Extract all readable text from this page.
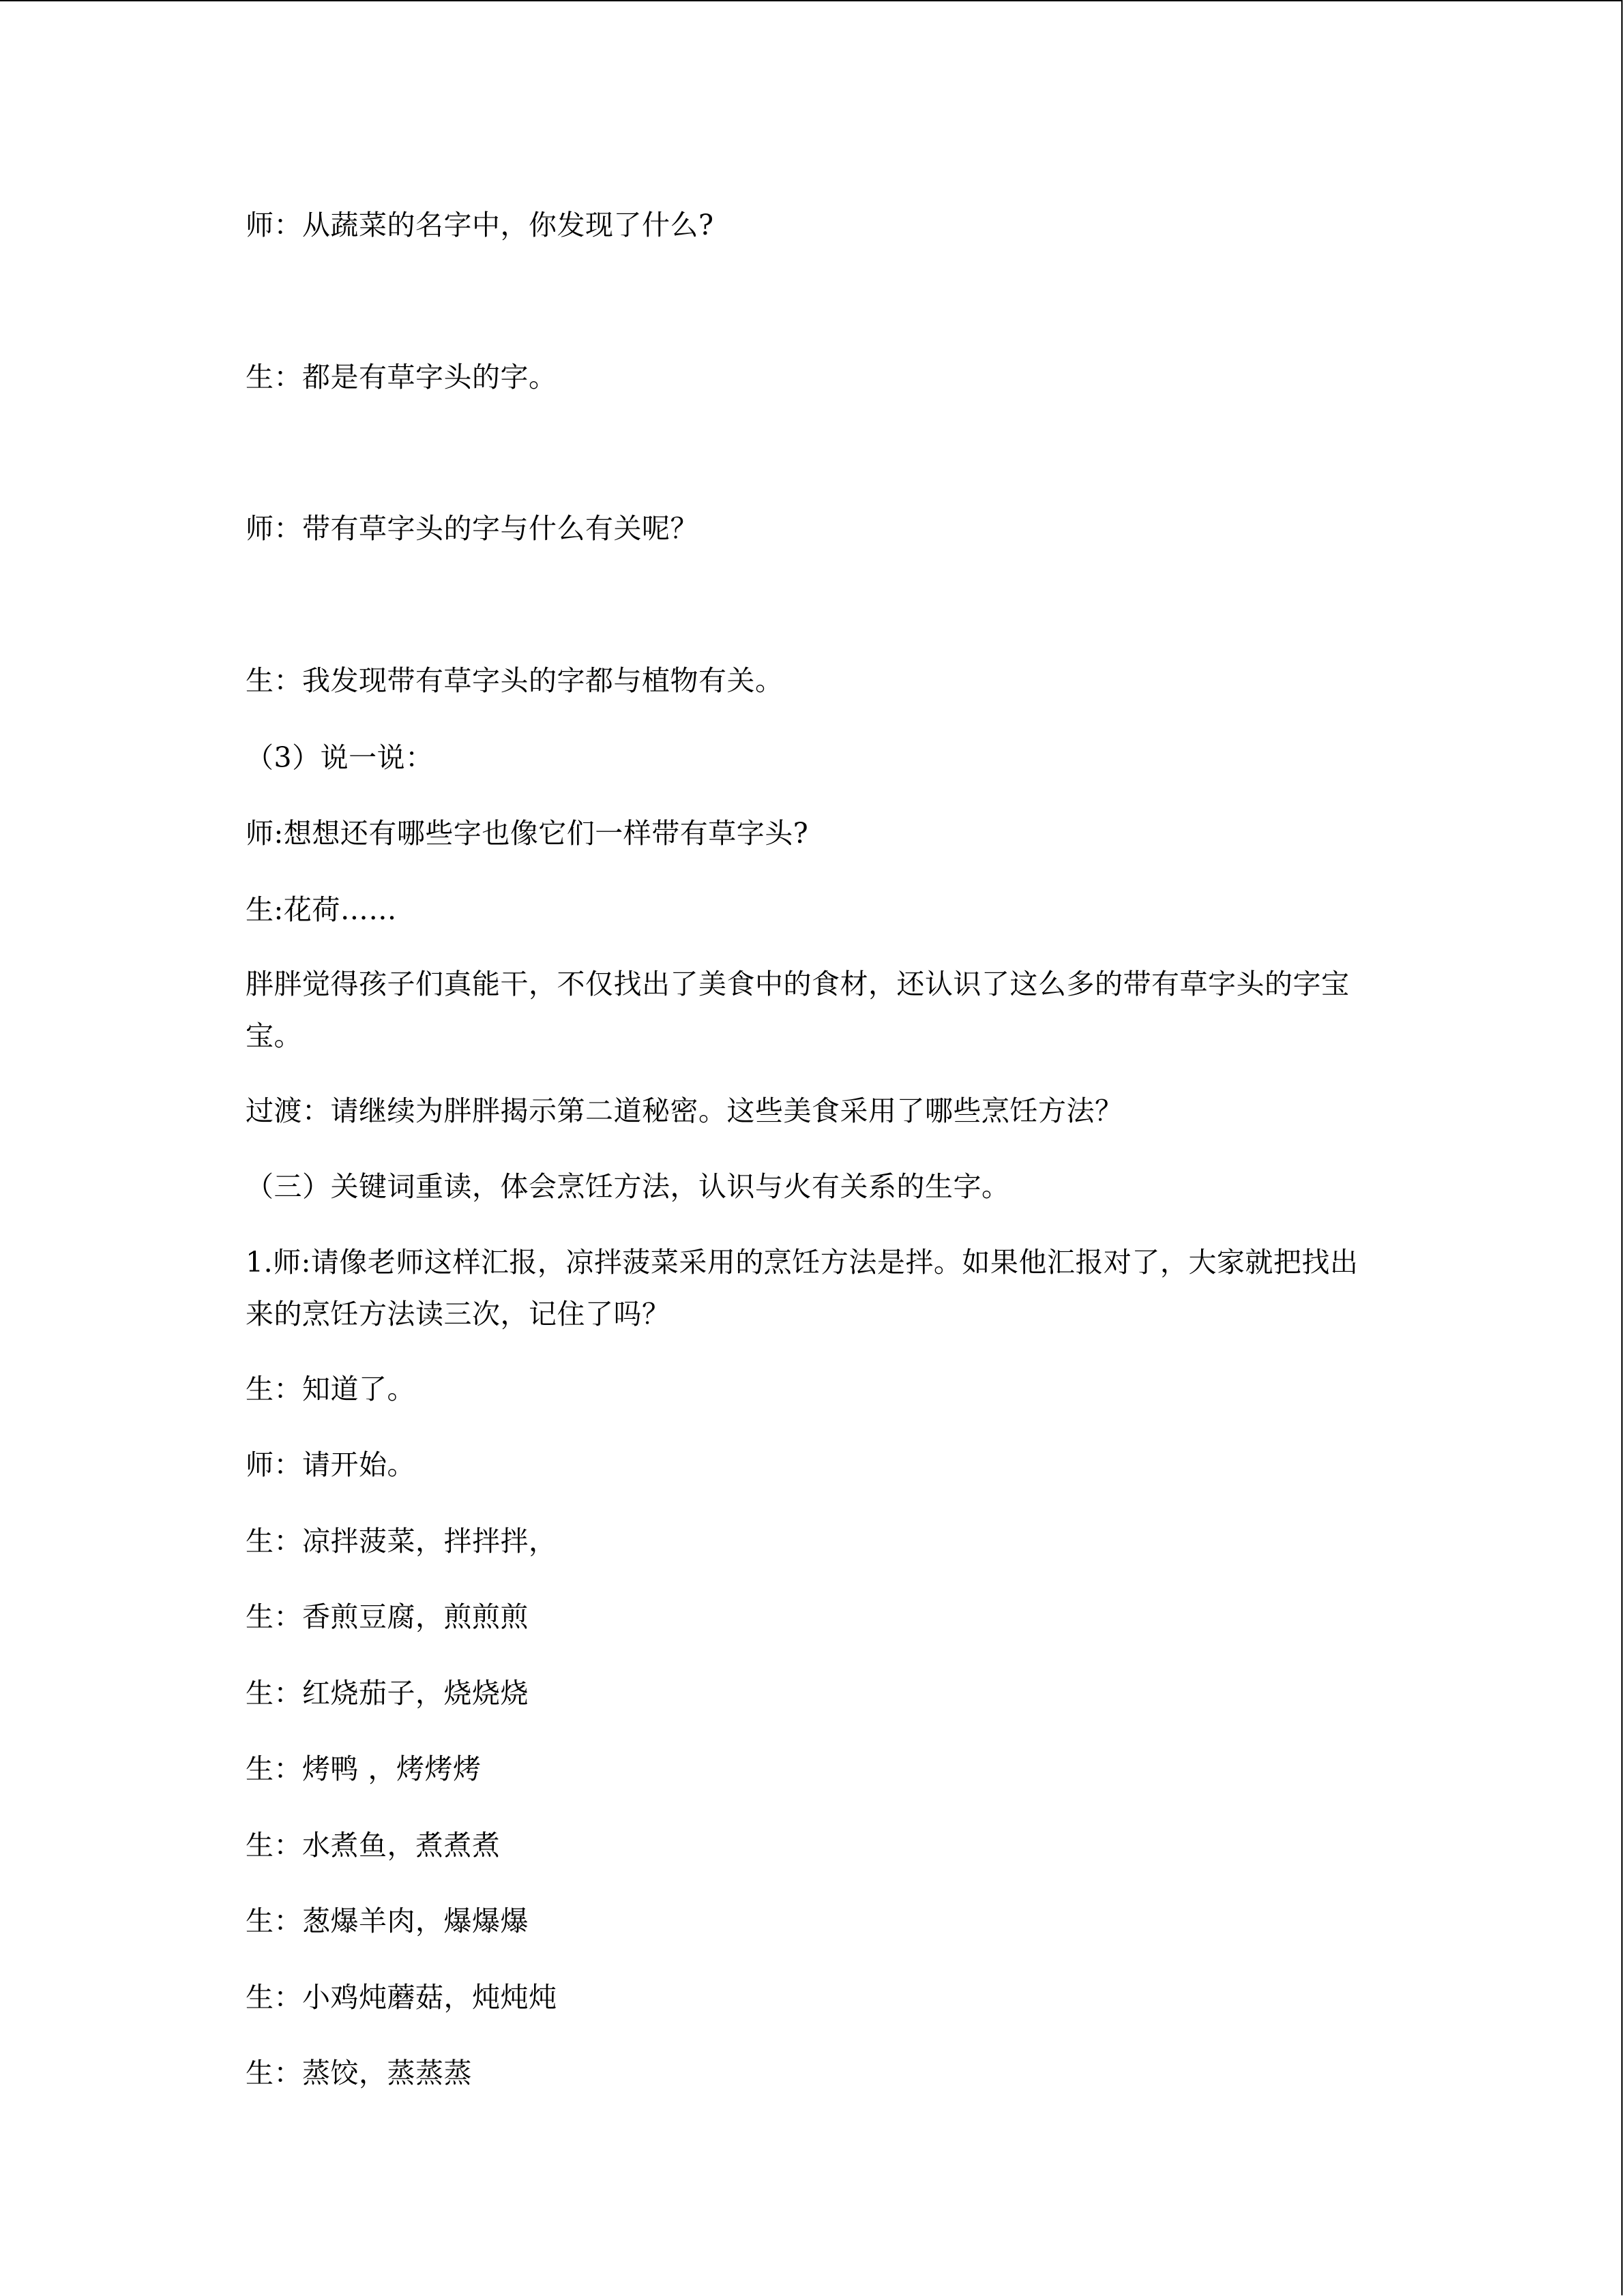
师：从蔬菜的名字中，你发现了什么?

生：都是有草字头的字。

师：带有草字头的字与什么有关呢？

生：我发现带有草字头的字都与植物有关。

（3）说一说：

师:想想还有哪些字也像它们一样带有草字头?

生:花荷……

胖胖觉得孩子们真能干，不仅找出了美食中的食材，还认识了这么多的带有草字头的字宝宝。

过渡：请继续为胖胖揭示第二道秘密。这些美食采用了哪些烹饪方法？

（三）关键词重读，体会烹饪方法，认识与火有关系的生字。

1.师:请像老师这样汇报，凉拌菠菜采用的烹饪方法是拌。如果他汇报对了，大家就把找出来的烹饪方法读三次，记住了吗？

生：知道了。

师：请开始。

生：凉拌菠菜，拌拌拌，

生：香煎豆腐，煎煎煎

生：红烧茄子，烧烧烧

生：烤鸭 ，烤烤烤

生：水煮鱼，煮煮煮

生：葱爆羊肉，爆爆爆

生：小鸡炖蘑菇，炖炖炖

生：蒸饺，蒸蒸蒸
